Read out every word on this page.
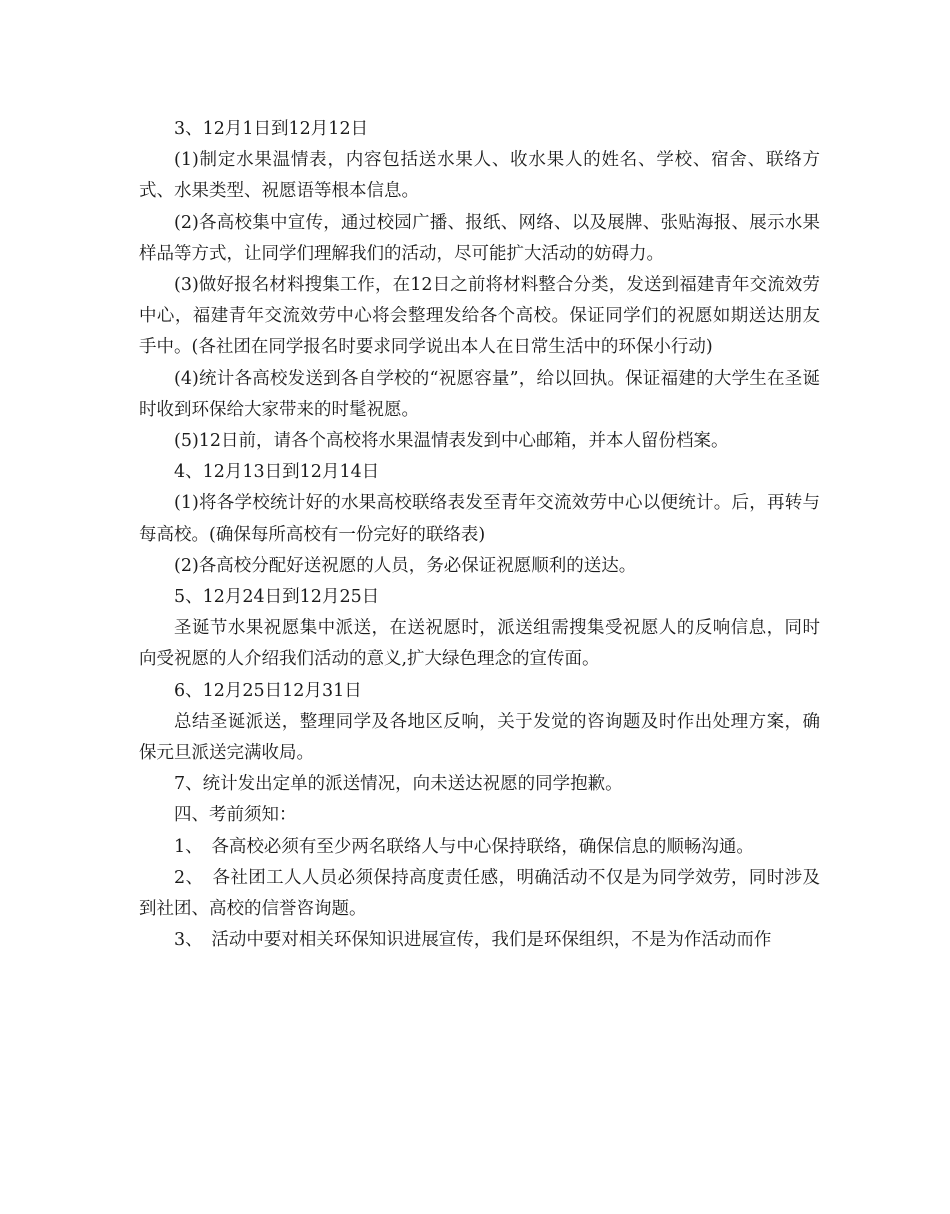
3、12月1日到12月12日

(1)制定水果温情表，内容包括送水果人、收水果人的姓名、学校、宿舍、联络方式、水果类型、祝愿语等根本信息。

(2)各高校集中宣传，通过校园广播、报纸、网络、以及展牌、张贴海报、展示水果样品等方式，让同学们理解我们的活动，尽可能扩大活动的妨碍力。

(3)做好报名材料搜集工作，在12日之前将材料整合分类，发送到福建青年交流效劳中心，福建青年交流效劳中心将会整理发给各个高校。保证同学们的祝愿如期送达朋友手中。(各社团在同学报名时要求同学说出本人在日常生活中的环保小行动)

(4)统计各高校发送到各自学校的“祝愿容量”，给以回执。保证福建的大学生在圣诞时收到环保给大家带来的时髦祝愿。

(5)12日前，请各个高校将水果温情表发到中心邮箱，并本人留份档案。

4、12月13日到12月14日

(1)将各学校统计好的水果高校联络表发至青年交流效劳中心以便统计。后，再转与每高校。(确保每所高校有一份完好的联络表)

(2)各高校分配好送祝愿的人员，务必保证祝愿顺利的送达。

5、12月24日到12月25日

圣诞节水果祝愿集中派送，在送祝愿时，派送组需搜集受祝愿人的反响信息，同时向受祝愿的人介绍我们活动的意义,扩大绿色理念的宣传面。

6、12月25日12月31日

总结圣诞派送，整理同学及各地区反响，关于发觉的咨询题及时作出处理方案，确保元旦派送完满收局。

7、统计发出定单的派送情况，向未送达祝愿的同学抱歉。

四、考前须知：

1、　各高校必须有至少两名联络人与中心保持联络，确保信息的顺畅沟通。

2、　各社团工人人员必须保持高度责任感，明确活动不仅是为同学效劳，同时涉及到社团、高校的信誉咨询题。

3、　活动中要对相关环保知识进展宣传，我们是环保组织，不是为作活动而作
